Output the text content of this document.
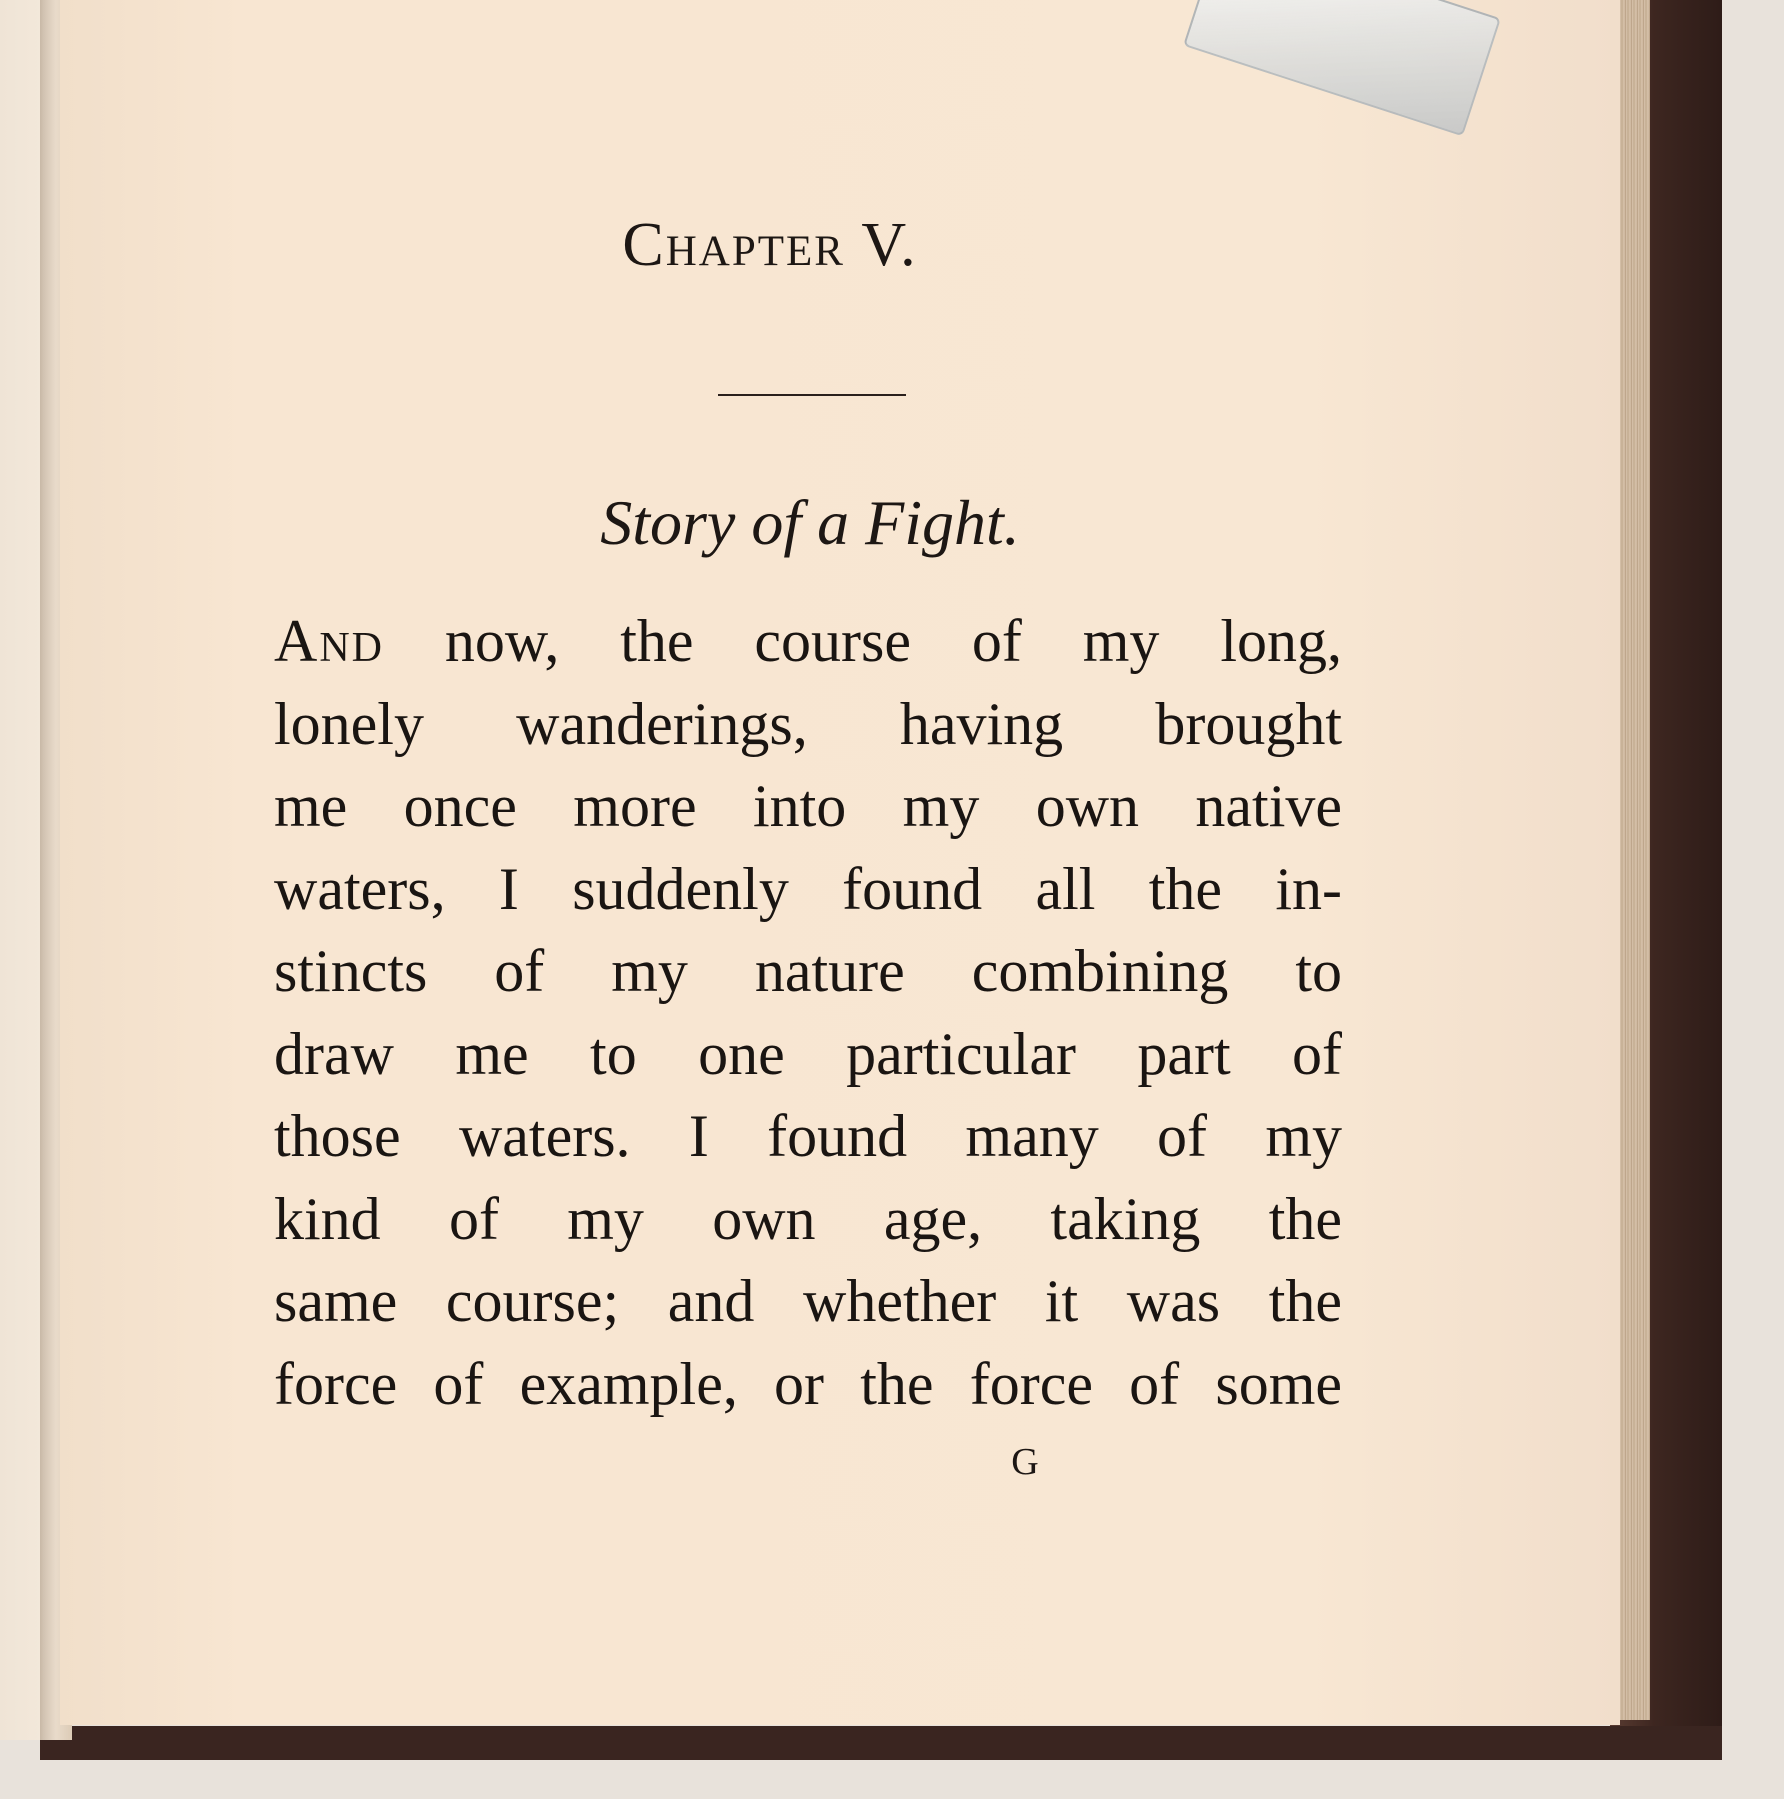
Chapter V.
Story of a Fight.
And now, the course of my long,
lonely wanderings, having brought
me once more into my own native
waters, I suddenly found all the in-
stincts of my nature combining to
draw me to one particular part of
those waters. I found many of my
kind of my own age, taking the
same course; and whether it was the
force of example, or the force of some
G
